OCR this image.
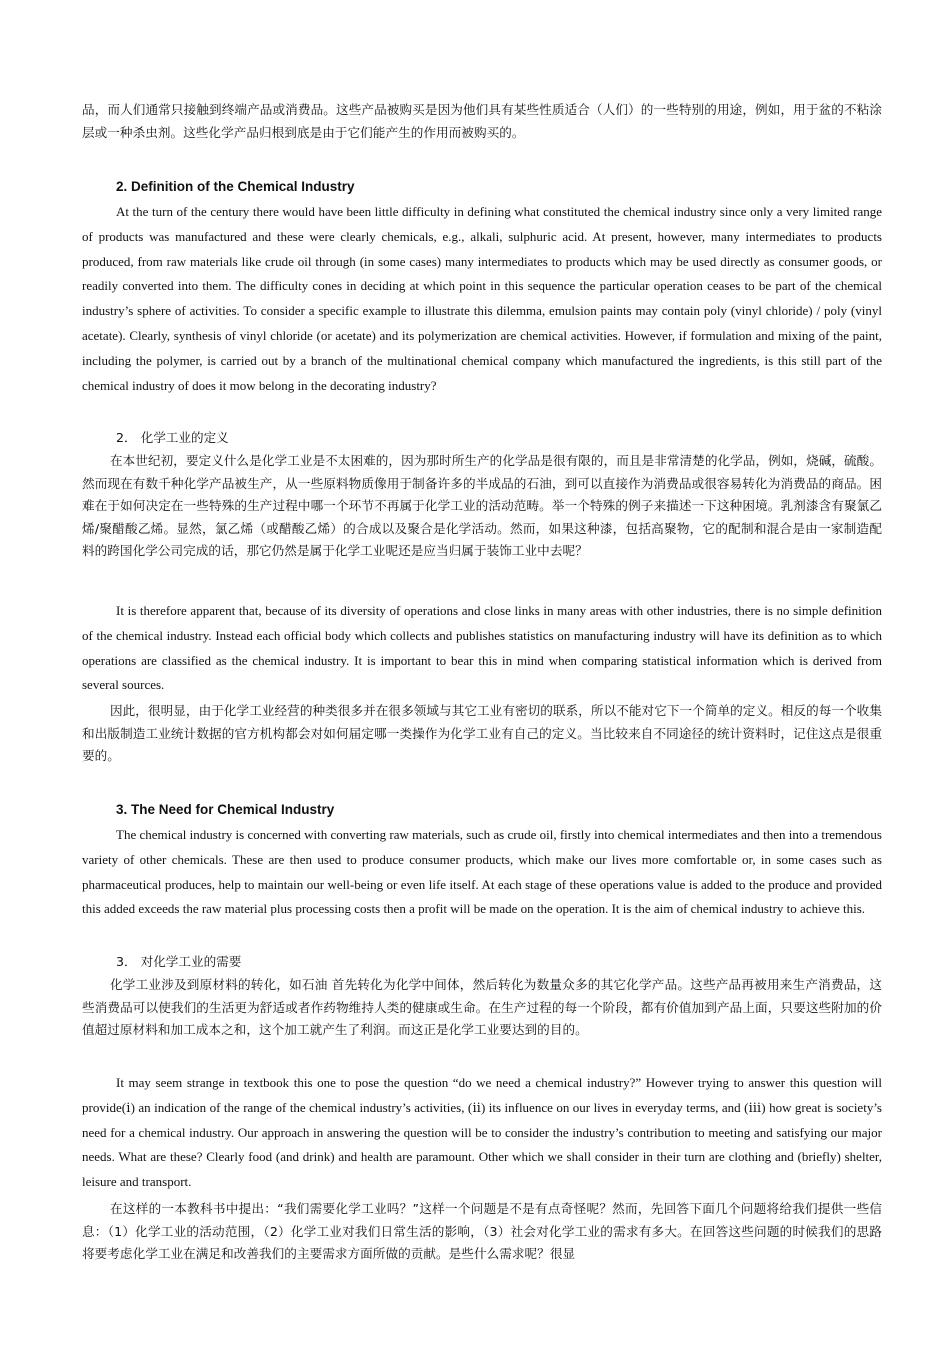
品，而人们通常只接触到终端产品或消费品。这些产品被购买是因为他们具有某些性质适合（人们）的一些特别的用途，例如，用于盆的不粘涂层或一种杀虫剂。这些化学产品归根到底是由于它们能产生的作用而被购买的。

2. Definition of the Chemical Industry

At the turn of the century there would have been little difficulty in defining what constituted the chemical industry since only a very limited range of products was manufactured and these were clearly chemicals, e.g., alkali, sulphuric acid. At present, however, many intermediates to products produced, from raw materials like crude oil through (in some cases) many intermediates to products which may be used directly as consumer goods, or readily converted into them. The difficulty cones in deciding at which point in this sequence the particular operation ceases to be part of the chemical industry’s sphere of activities. To consider a specific example to illustrate this dilemma, emulsion paints may contain poly (vinyl chloride) / poly (vinyl acetate). Clearly, synthesis of vinyl chloride (or acetate) and its polymerization are chemical activities. However, if formulation and mixing of the paint, including the polymer, is carried out by a branch of the multinational chemical company which manufactured the ingredients, is this still part of the chemical industry of does it mow belong in the decorating industry?

2． 化学工业的定义

在本世纪初，要定义什么是化学工业是不太困难的，因为那时所生产的化学品是很有限的，而且是非常清楚的化学品，例如，烧碱，硫酸。然而现在有数千种化学产品被生产，从一些原料物质像用于制备许多的半成品的石油，到可以直接作为消费品或很容易转化为消费品的商品。困难在于如何决定在一些特殊的生产过程中哪一个环节不再属于化学工业的活动范畴。举一个特殊的例子来描述一下这种困境。乳剂漆含有聚氯乙烯/聚醋酸乙烯。显然，氯乙烯（或醋酸乙烯）的合成以及聚合是化学活动。然而，如果这种漆，包括高聚物，它的配制和混合是由一家制造配料的跨国化学公司完成的话，那它仍然是属于化学工业呢还是应当归属于装饰工业中去呢？

It is therefore apparent that, because of its diversity of operations and close links in many areas with other industries, there is no simple definition of the chemical industry. Instead each official body which collects and publishes statistics on manufacturing industry will have its definition as to which operations are classified as the chemical industry. It is important to bear this in mind when comparing statistical information which is derived from several sources.

因此，很明显，由于化学工业经营的种类很多并在很多领域与其它工业有密切的联系，所以不能对它下一个简单的定义。相反的每一个收集和出版制造工业统计数据的官方机构都会对如何届定哪一类操作为化学工业有自己的定义。当比较来自不同途径的统计资料时，记住这点是很重要的。

3. The Need for Chemical Industry

The chemical industry is concerned with converting raw materials, such as crude oil, firstly into chemical intermediates and then into a tremendous variety of other chemicals. These are then used to produce consumer products, which make our lives more comfortable or, in some cases such as pharmaceutical produces, help to maintain our well-being or even life itself. At each stage of these operations value is added to the produce and provided this added exceeds the raw material plus processing costs then a profit will be made on the operation. It is the aim of chemical industry to achieve this.

3． 对化学工业的需要

化学工业涉及到原材料的转化，如石油 首先转化为化学中间体，然后转化为数量众多的其它化学产品。这些产品再被用来生产消费品，这些消费品可以使我们的生活更为舒适或者作药物维持人类的健康或生命。在生产过程的每一个阶段，都有价值加到产品上面，只要这些附加的价值超过原材料和加工成本之和，这个加工就产生了利润。而这正是化学工业要达到的目的。

It may seem strange in textbook this one to pose the question “do we need a chemical industry?” However trying to answer this question will provide(ⅰ) an indication of the range of the chemical industry’s activities, (ⅱ) its influence on our lives in everyday terms, and (ⅲ) how great is society’s need for a chemical industry. Our approach in answering the question will be to consider the industry’s contribution to meeting and satisfying our major needs. What are these? Clearly food (and drink) and health are paramount. Other which we shall consider in their turn are clothing and (briefly) shelter, leisure and transport.

在这样的一本教科书中提出：“我们需要化学工业吗？”这样一个问题是不是有点奇怪呢？然而，先回答下面几个问题将给我们提供一些信息：（1）化学工业的活动范围，（2）化学工业对我们日常生活的影响，（3）社会对化学工业的需求有多大。在回答这些问题的时候我们的思路将要考虑化学工业在满足和改善我们的主要需求方面所做的贡献。是些什么需求呢？很显
